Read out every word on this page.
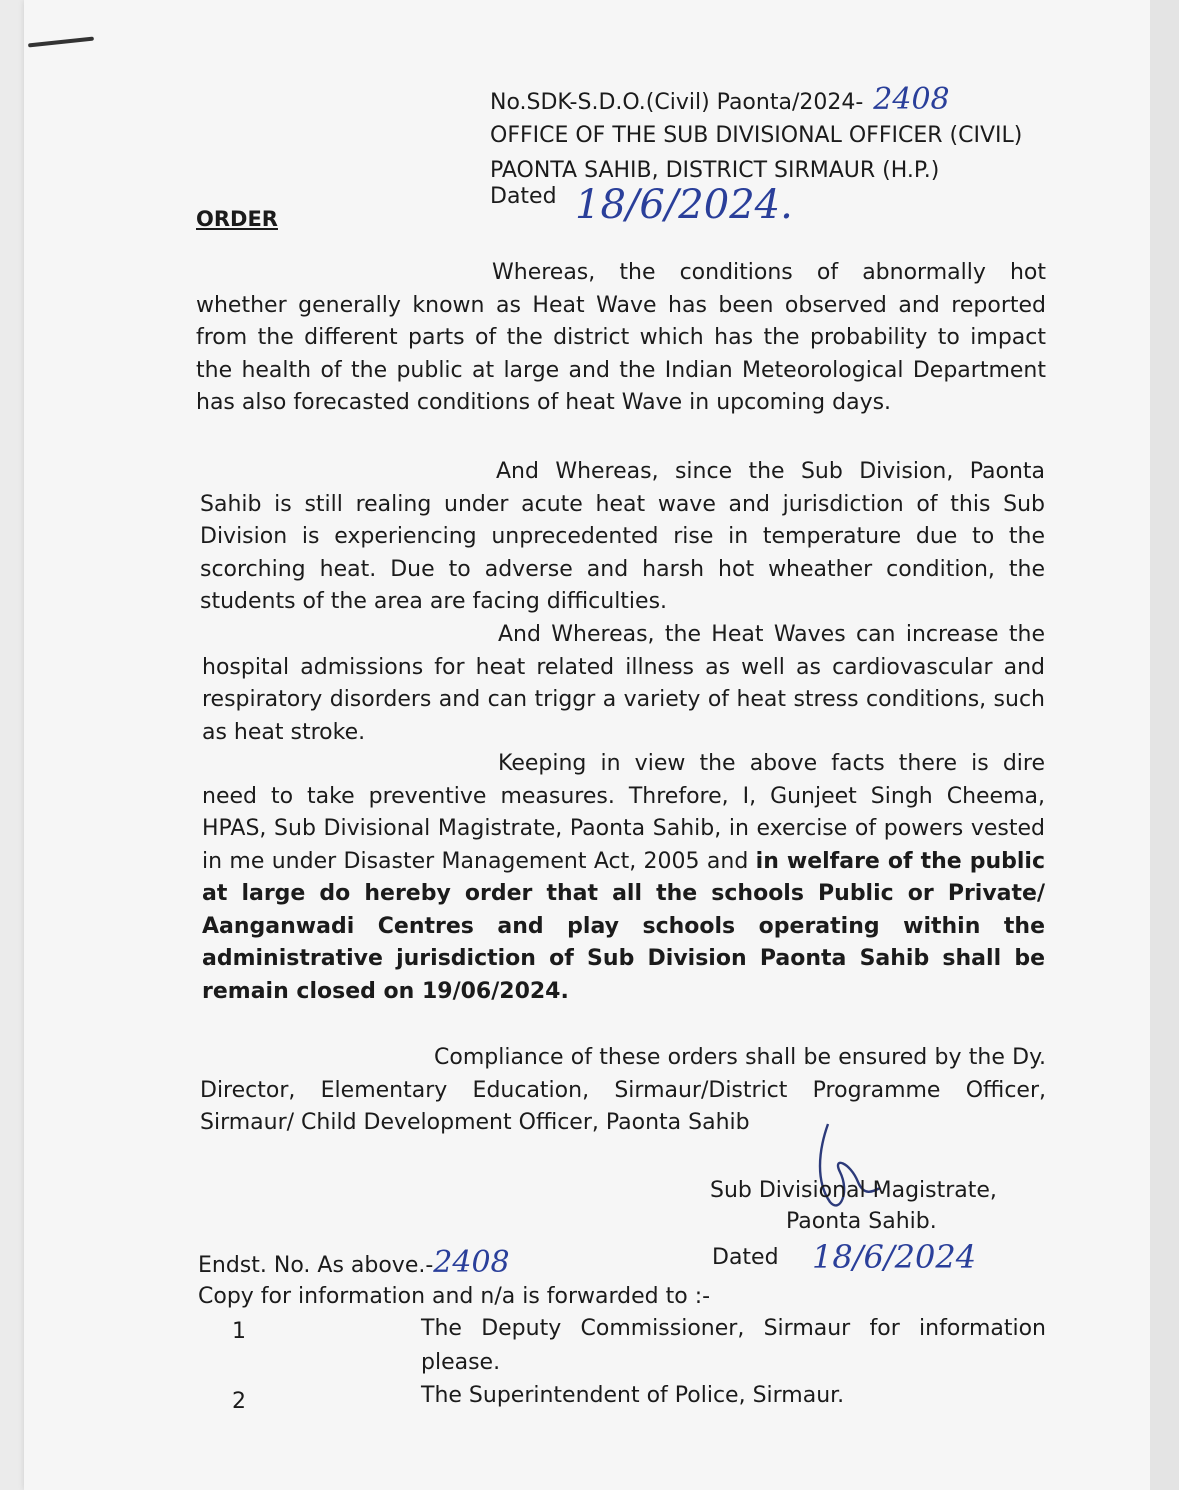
No.SDK-S.D.O.(Civil) Paonta/2024- 2408
OFFICE OF THE SUB DIVISIONAL OFFICER (CIVIL)
PAONTA SAHIB, DISTRICT SIRMAUR (H.P.)
Dated 18/6/2024.
ORDER
Whereas, the conditions of abnormally hot whether generally known as Heat Wave has been observed and reported from the different parts of the district which has the probability to impact the health of the public at large and the Indian Meteorological Department has also forecasted conditions of heat Wave in upcoming days.
And Whereas, since the Sub Division, Paonta Sahib is still realing under acute heat wave and jurisdiction of this Sub Division is experiencing unprecedented rise in temperature due to the scorching heat. Due to adverse and harsh hot wheather condition, the students of the area are facing difficulties.
And Whereas, the Heat Waves can increase the hospital admissions for heat related illness as well as cardiovascular and respiratory disorders and can triggr a variety of heat stress conditions, such as heat stroke.
Keeping in view the above facts there is dire need to take preventive measures. Threfore, I, Gunjeet Singh Cheema, HPAS, Sub Divisional Magistrate, Paonta Sahib, in exercise of powers vested in me under Disaster Management Act, 2005 and in welfare of the public at large do hereby order that all the schools Public or Private/ Aanganwadi Centres and play schools operating within the administrative jurisdiction of Sub Division Paonta Sahib shall be remain closed on 19/06/2024.
Compliance of these orders shall be ensured by the Dy. Director, Elementary Education, Sirmaur/District Programme Officer, Sirmaur/ Child Development Officer, Paonta Sahib
Sub Divisional Magistrate,
Paonta Sahib.
Endst. No. As above.-2408	Dated 18/6/2024
Copy for information and n/a is forwarded to :-
1	The Deputy Commissioner, Sirmaur for information
please.
2	The Superintendent of Police, Sirmaur.
